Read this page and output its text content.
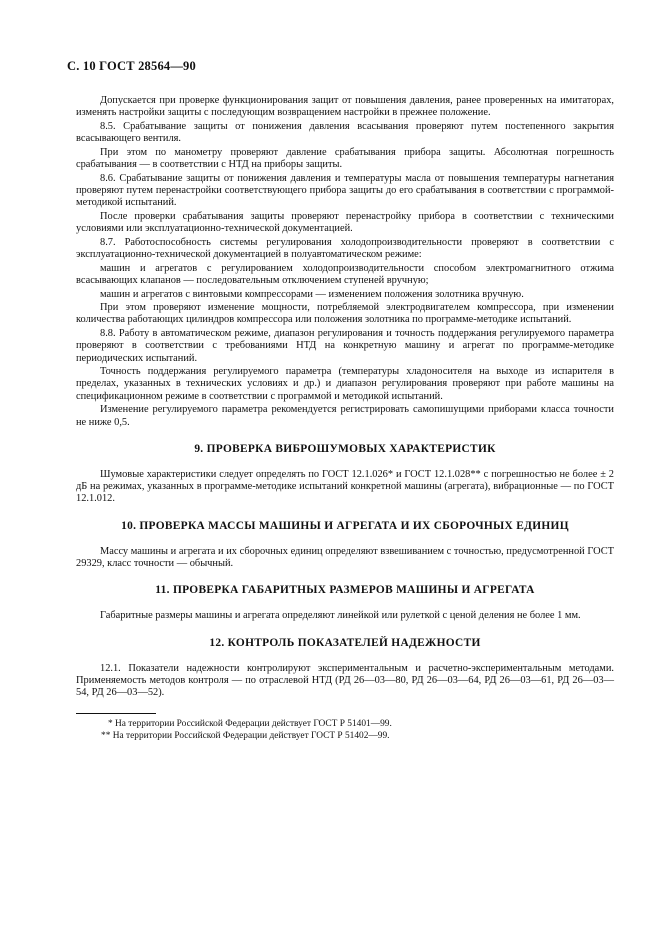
С. 10 ГОСТ 28564—90

Допускается при проверке функционирования защит от повышения давления, ранее проверенных на имитаторах, изменять настройки защиты с последующим возвращением настройки в прежнее положение.

8.5. Срабатывание защиты от понижения давления всасывания проверяют путем постепенного закрытия всасывающего вентиля.

При этом по манометру проверяют давление срабатывания прибора защиты. Абсолютная погрешность срабатывания — в соответствии с НТД на приборы защиты.

8.6. Срабатывание защиты от понижения давления и температуры масла от повышения температуры нагнетания проверяют путем перенастройки соответствующего прибора защиты до его срабатывания в соответствии с программой-методикой испытаний.

После проверки срабатывания защиты проверяют перенастройку прибора в соответствии с техническими условиями или эксплуатационно-технической документацией.

8.7. Работоспособность системы регулирования холодопроизводительности проверяют в соответствии с эксплуатационно-технической документацией в полуавтоматическом режиме:

машин и агрегатов с регулированием холодопроизводительности способом электромагнитного отжима всасывающих клапанов — последовательным отключением ступеней вручную;

машин и агрегатов с винтовыми компрессорами — изменением положения золотника вручную.

При этом проверяют изменение мощности, потребляемой электродвигателем компрессора, при изменении количества работающих цилиндров компрессора или положения золотника по программе-методике испытаний.

8.8. Работу в автоматическом режиме, диапазон регулирования и точность поддержания регулируемого параметра проверяют в соответствии с требованиями НТД на конкретную машину и агрегат по программе-методике периодических испытаний.

Точность поддержания регулируемого параметра (температуры хладоносителя на выходе из испарителя в пределах, указанных в технических условиях и др.) и диапазон регулирования проверяют при работе машины на спецификационном режиме в соответствии с программой и методикой испытаний.

Изменение регулируемого параметра рекомендуется регистрировать самопишущими приборами класса точности не ниже 0,5.

9. ПРОВЕРКА ВИБРОШУМОВЫХ ХАРАКТЕРИСТИК

Шумовые характеристики следует определять по ГОСТ 12.1.026* и ГОСТ 12.1.028** с погрешностью не более ± 2 дБ на режимах, указанных в программе-методике испытаний конкретной машины (агрегата), вибрационные — по ГОСТ 12.1.012.

10. ПРОВЕРКА МАССЫ МАШИНЫ И АГРЕГАТА И ИХ СБОРОЧНЫХ ЕДИНИЦ

Массу машины и агрегата и их сборочных единиц определяют взвешиванием с точностью, предусмотренной ГОСТ 29329, класс точности — обычный.

11. ПРОВЕРКА ГАБАРИТНЫХ РАЗМЕРОВ МАШИНЫ И АГРЕГАТА

Габаритные размеры машины и агрегата определяют линейкой или рулеткой с ценой деления не более 1 мм.

12. КОНТРОЛЬ ПОКАЗАТЕЛЕЙ НАДЕЖНОСТИ

12.1. Показатели надежности контролируют экспериментальным и расчетно-экспериментальным методами. Применяемость методов контроля — по отраслевой НТД (РД 26—03—80, РД 26—03—64, РД 26—03—61, РД 26—03—54, РД 26—03—52).

* На территории Российской Федерации действует ГОСТ Р 51401—99.

** На территории Российской Федерации действует ГОСТ Р 51402—99.
